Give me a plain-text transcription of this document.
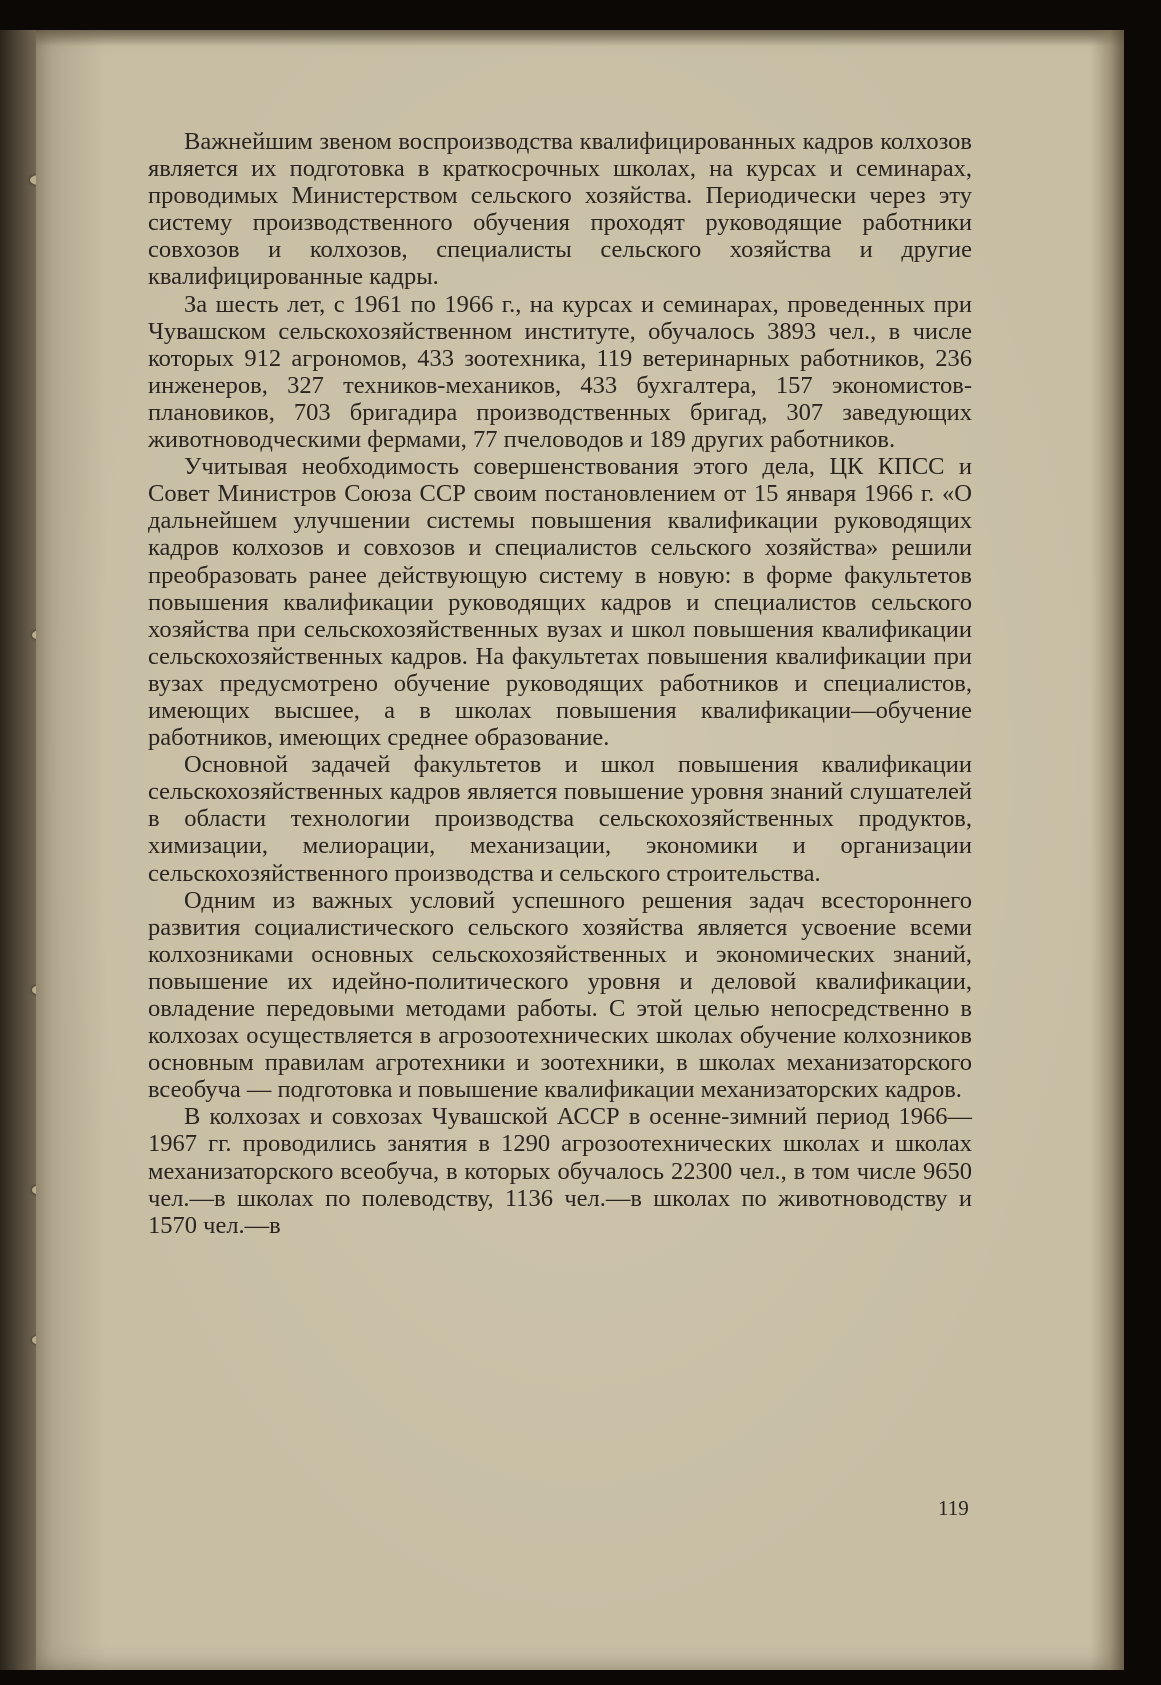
Важнейшим звеном воспроизводства квалифицированных кадров колхозов является их подготовка в краткосрочных школах, на курсах и семинарах, проводимых Министерством сельского хозяйства. Периодически через эту систему производственного обучения проходят руководящие работники совхозов и колхозов, специалисты сельского хозяйства и другие квалифицированные кадры.

За шесть лет, с 1961 по 1966 г., на курсах и семинарах, проведенных при Чувашском сельскохозяйственном институте, обучалось 3893 чел., в числе которых 912 агрономов, 433 зоотехника, 119 ветеринарных работников, 236 инженеров, 327 техников-механиков, 433 бухгалтера, 157 экономистов-плановиков, 703 бригадира производственных бригад, 307 заведующих животноводческими фермами, 77 пчеловодов и 189 других работников.

Учитывая необходимость совершенствования этого дела, ЦК КПСС и Совет Министров Союза ССР своим постановлением от 15 января 1966 г. «О дальнейшем улучшении системы повышения квалификации руководящих кадров колхозов и совхозов и специалистов сельского хозяйства» решили преобразовать ранее действующую систему в новую: в форме факультетов повышения квалификации руководящих кадров и специалистов сельского хозяйства при сельскохозяйственных вузах и школ повышения квалификации сельскохозяйственных кадров. На факультетах повышения квалификации при вузах предусмотрено обучение руководящих работников и специалистов, имеющих высшее, а в школах повышения квалификации—обучение работников, имеющих среднее образование.

Основной задачей факультетов и школ повышения квалификации сельскохозяйственных кадров является повышение уровня знаний слушателей в области технологии производства сельскохозяйственных продуктов, химизации, мелиорации, механизации, экономики и организации сельскохозяйственного производства и сельского строительства.

Одним из важных условий успешного решения задач всестороннего развития социалистического сельского хозяйства является усвоение всеми колхозниками основных сельскохозяйственных и экономических знаний, повышение их идейно-политического уровня и деловой квалификации, овладение передовыми методами работы. С этой целью непосредственно в колхозах осуществляется в агрозоотехнических школах обучение колхозников основным правилам агротехники и зоотехники, в школах механизаторского всеобуча — подготовка и повышение квалификации механизаторских кадров.

В колхозах и совхозах Чувашской АССР в осенне-зимний период 1966—1967 гг. проводились занятия в 1290 агрозоотехнических школах и школах механизаторского всеобуча, в которых обучалось 22300 чел., в том числе 9650 чел.—в школах по полеводству, 1136 чел.—в школах по животноводству и 1570 чел.—в

119
